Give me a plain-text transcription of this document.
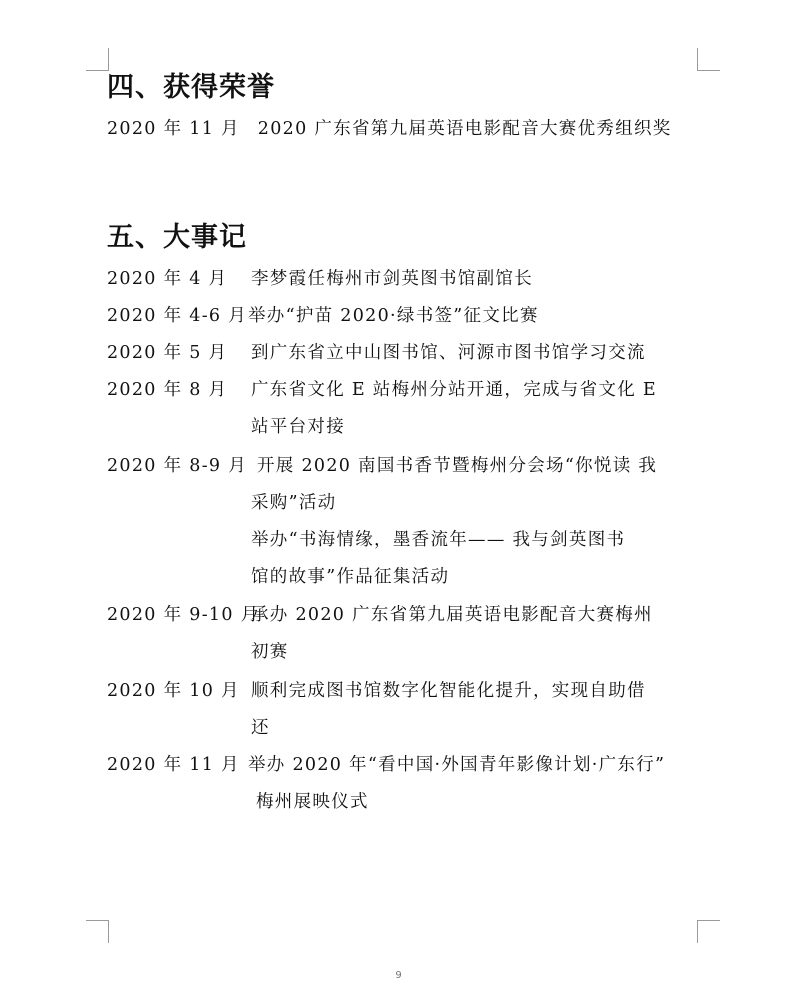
四、获得荣誉
2020 年 11 月 2020 广东省第九届英语电影配音大赛优秀组织奖
五、大事记
2020 年 4 月 李梦霞任梅州市剑英图书馆副馆长
2020 年 4-6 月 举办“护苗 2020·绿书签”征文比赛
2020 年 5 月 到广东省立中山图书馆、河源市图书馆学习交流
2020 年 8 月 广东省文化 E 站梅州分站开通，完成与省文化 E
站平台对接
2020 年 8-9 月 开展 2020 南国书香节暨梅州分会场“你悦读 我
采购”活动
举办“书海情缘，墨香流年—— 我与剑英图书
馆的故事”作品征集活动
2020 年 9-10 月
承办 2020 广东省第九届英语电影配音大赛梅州
初赛
2020 年 10 月 顺利完成图书馆数字化智能化提升，实现自助借
还
2020 年 11 月 举办 2020 年“看中国·外国青年影像计划·广东行”
梅州展映仪式
9
